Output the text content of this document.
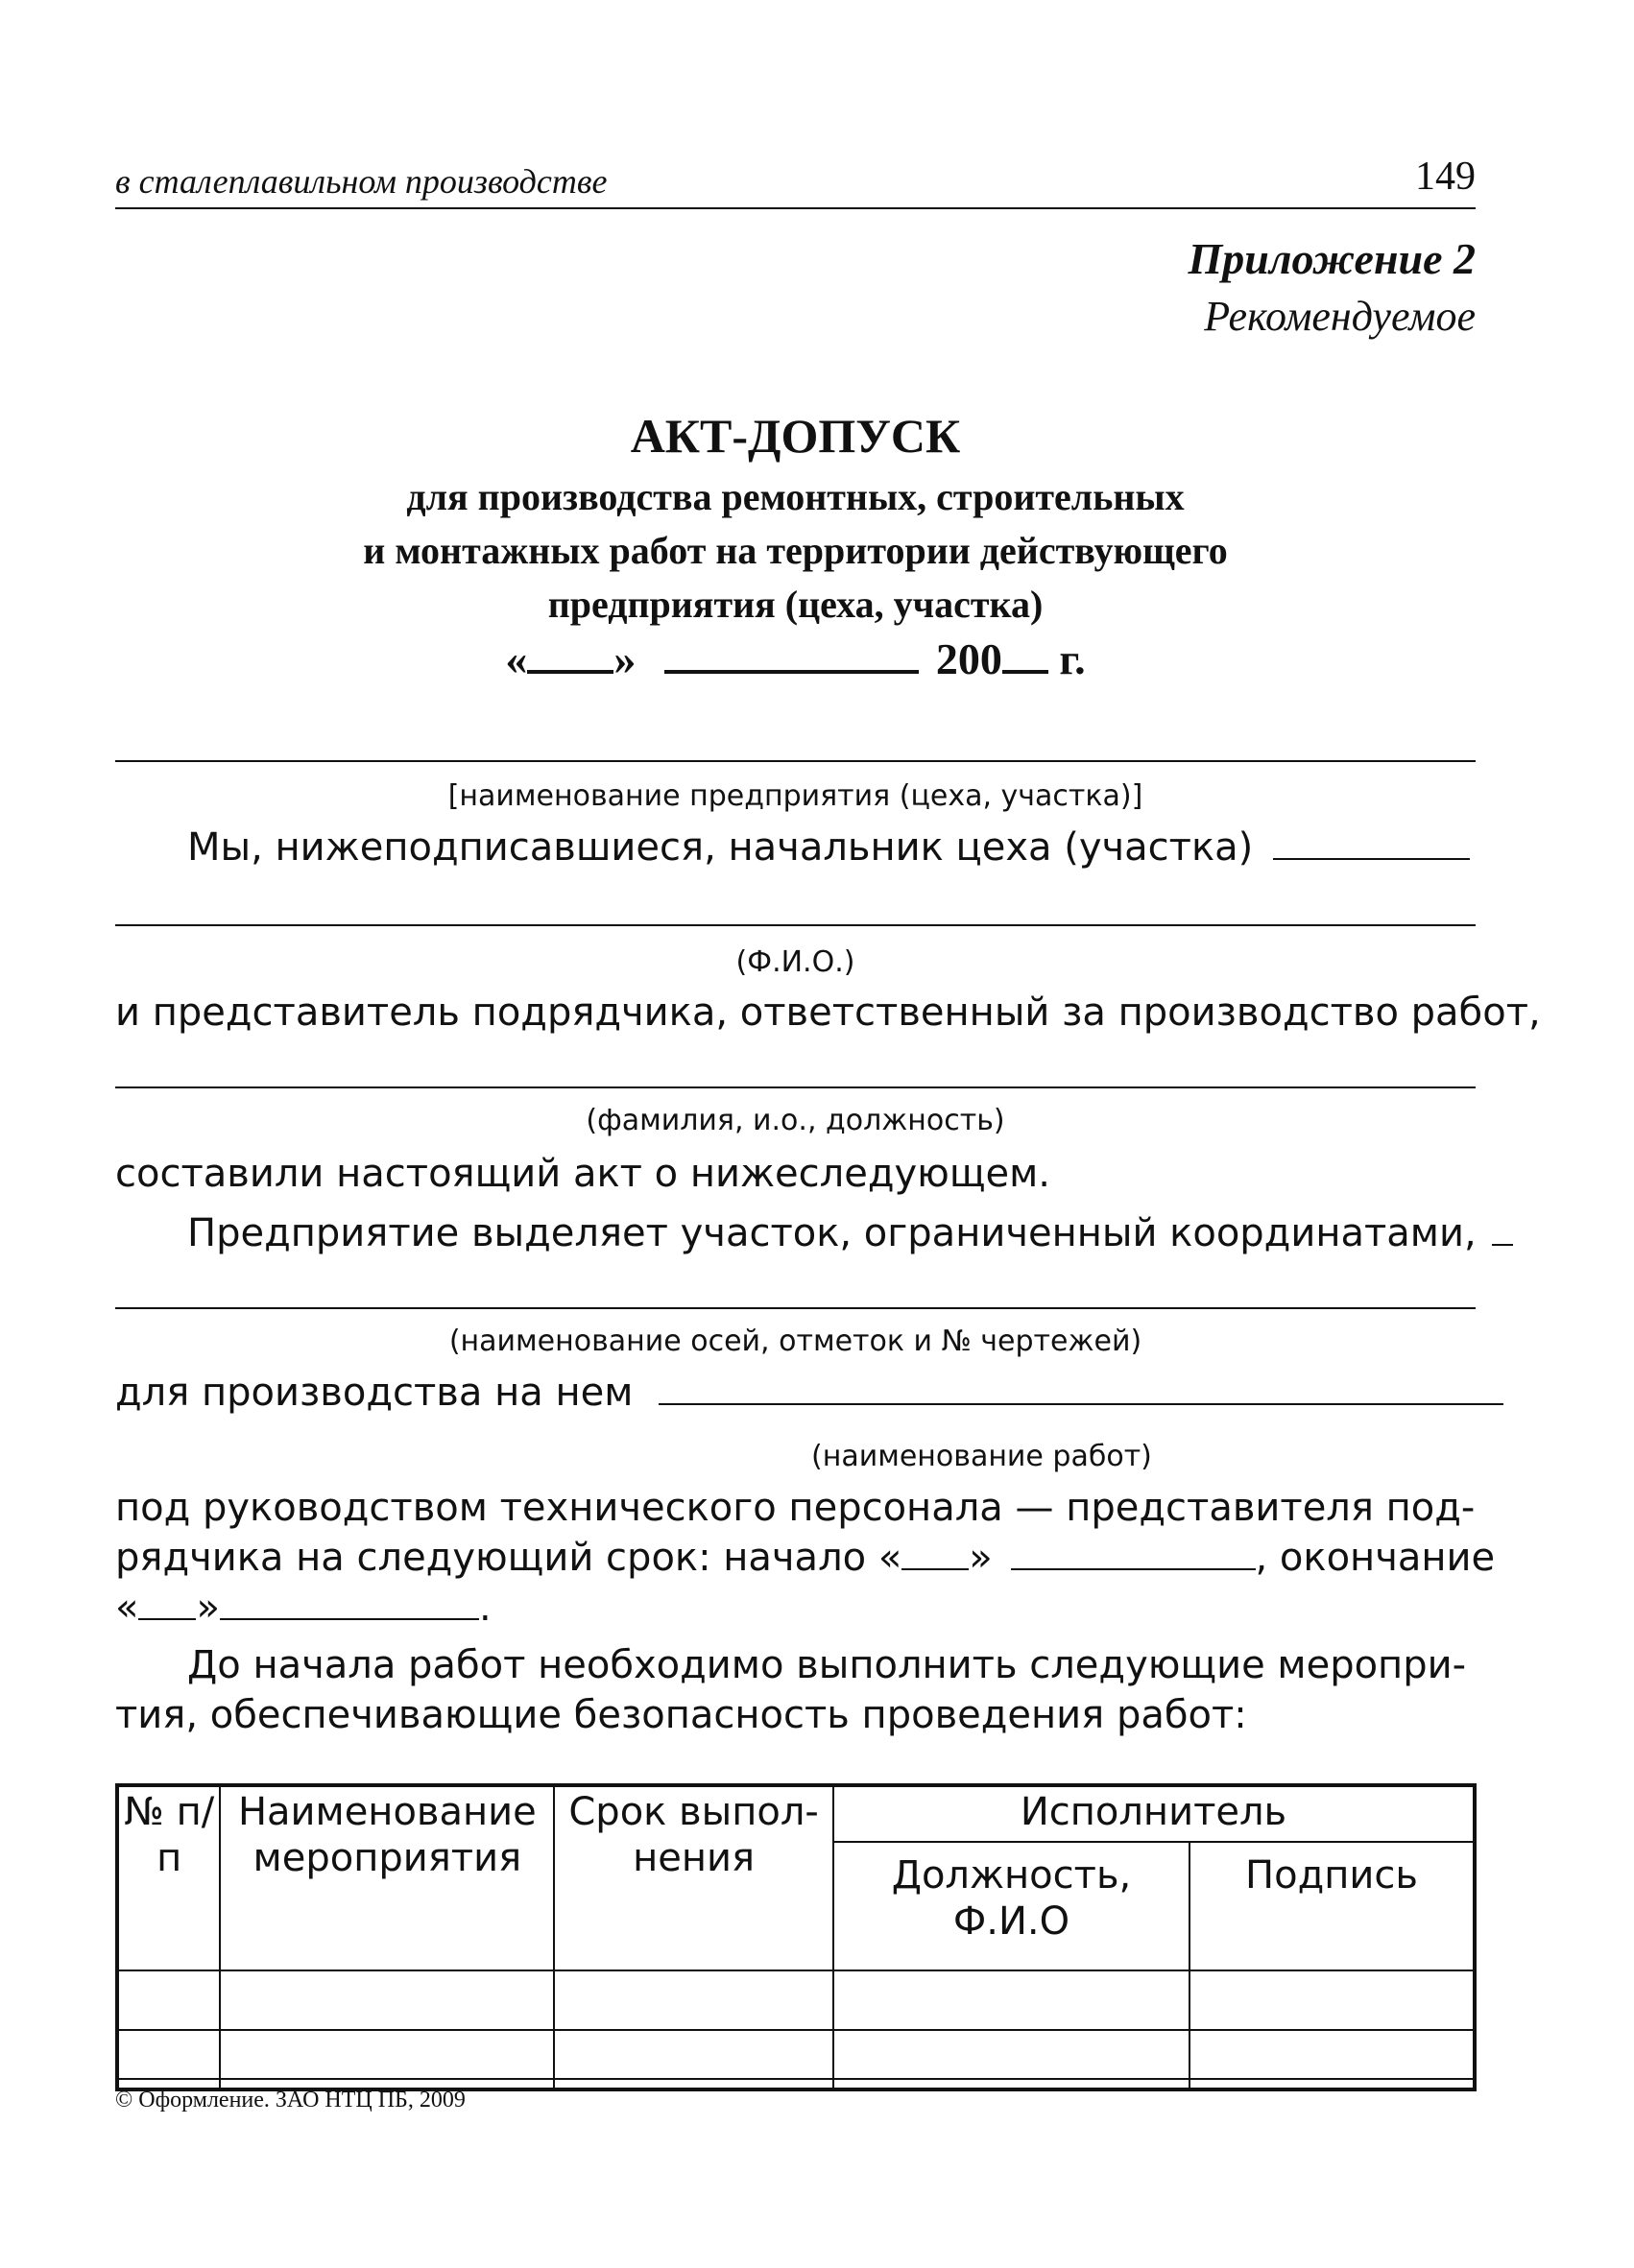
в сталеплавильном производстве	149
Приложение 2
Рекомендуемое
АКТ-ДОПУСК
для производства ремонтных, строительных
и монтажных работ на территории действующего
предприятия (цеха, участка)
« »	200 г.
[наименование предприятия (цеха, участка)]
Мы, нижеподписавшиеся, начальник цеха (участка)
(Ф.И.О.)
и представитель подрядчика, ответственный за производство работ,
(фамилия, и.о., должность)
составили настоящий акт о нижеследующем.
Предприятие выделяет участок, ограниченный координатами,
(наименование осей, отметок и № чертежей)
для производства на нем
(наименование работ)
под руководством технического персонала — представителя под-
рядчика на следующий срок: начало « »	, окончание
« »	.
До начала работ необходимо выполнить следующие меропри-
тия, обеспечивающие безопасность проведения работ:
№ п/п	Наименование мероприятия	Срок выпол- нения	Исполнитель	
			Должность, Ф.И.О	Подпись

© Оформление. ЗАО НТЦ ПБ, 2009
